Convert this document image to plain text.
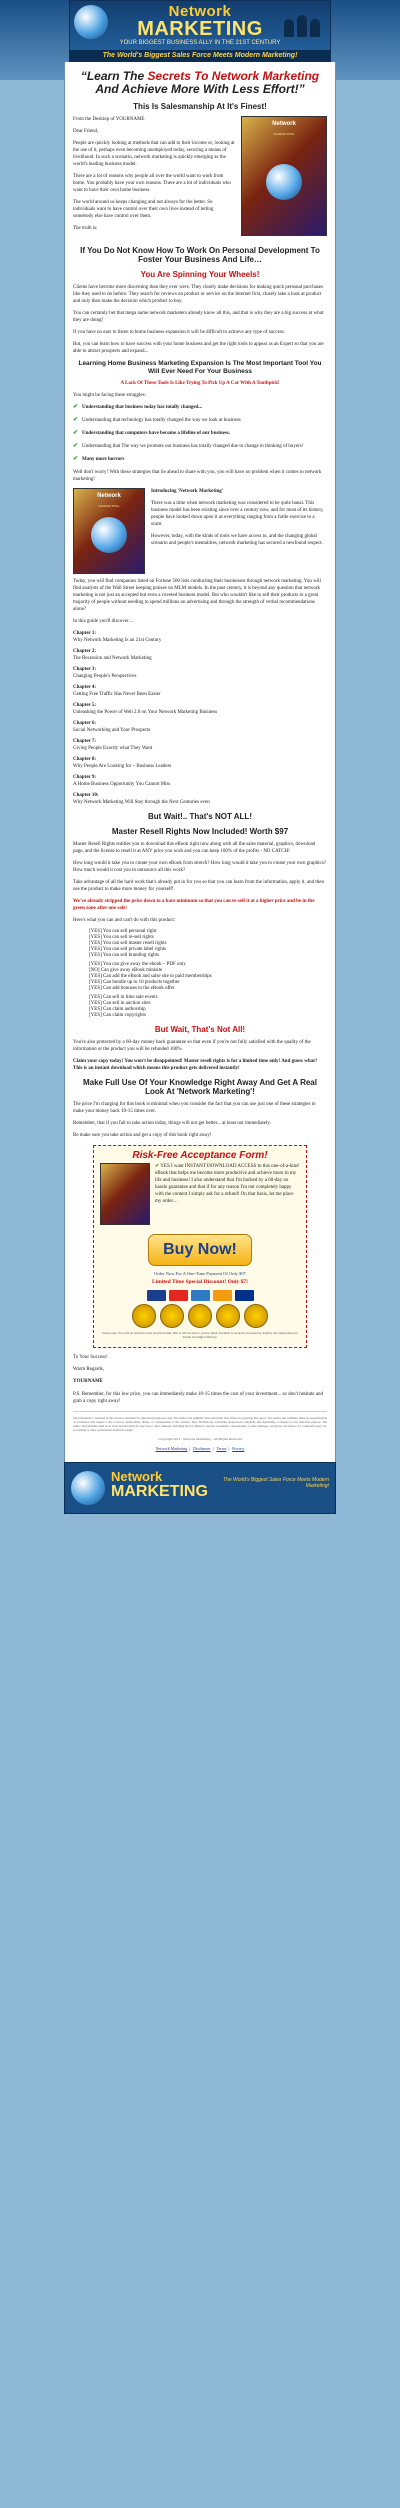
Network
MARKETING
YOUR BIGGEST BUSINESS ALLY IN THE 21ST CENTURY
The World's Biggest Sales Force Meets Modern Marketing!
“Learn The Secrets To Network Marketing And Achieve More With Less Effort!”
This Is Salesmanship At It's Finest!
Network
MARKETING

From the Desktop of YOURNAME

Dear Friend,

People are quickly looking at methods that can add to their income or, looking at the use of it, perhaps even becoming unemployed today, securing a means of livelihood. In such a scenario, network marketing is quickly emerging as the world's leading business model.

There are a lot of reasons why people all over the world want to work from home. You probably have your own reasons. There are a lot of individuals who want to have their own home business.

The world around us keeps changing and not always for the better. So individuals want to have control over their own lives instead of letting somebody else have control over them.

The truth is:

If You Do Not Know How To Work On Personal Development To Foster Your Business And Life…
You Are Spinning Your Wheels!

Clients have become more discerning than they ever were. They clearly make decisions for making quick personal purchases like they used to do before. They search for reviews on product or service on the Internet first, closely take a look at product and only then make the decision which product to buy.

You can certainly bet that mega name network marketers already know all this, and that is why they are a big success at what they are doing!

If you have no ears to listen to home business expansion it will be difficult to achieve any type of success.

But, you can learn how to have success with your home business and get the right tools to appear as an Expert so that you are able to attract prospects and expand...

Learning Home Business Marketing Expansion Is The Most Important Tool You Will Ever Need For Your Business
A Lack Of These Tools Is Like Trying To Pick Up A Car With A Toothpick!

You might be facing these struggles:

✔ Understanding that business today has totally changed...
✔ Understanding that technology has totally changed the way we look at business
✔ Understanding that computers have become a lifeline of our business.
✔ Understanding that The way we promote our business has totally changed due to change in thinking of buyers!
✔ Many more horrors

Well don't worry! With these strategies that lie ahead to share with you, you will have no problem when it comes to network marketing!

Network
MARKETING

Introducing 'Network Marketing'

There was a time when network marketing was considered to be quite banal. This business model has been existing since over a century now, and for most of its history, people have looked down upon it as everything ranging from a futile exercise to a scam.

However, today, with the kinds of tools we have access to, and the changing global scenario and people's mentalities, network marketing has secured a newfound respect.

Today, you will find companies listed on Fortune 500 lists conducting their businesses through network marketing. You will find analysts of the Wall Street keeping praises on MLM models. In the past century, it is beyond any question that network marketing is not just an accepted but even a coveted business model. But who wouldn't like to sell their products to a great majority of people without needing to spend millions on advertising and through the strength of verbal recommendations alone?

In this guide you'll discover…

Chapter 1:
Why Network Marketing Is an 21st Century
Chapter 2:
The Recession and Network Marketing
Chapter 3:
Changing People's Perspectives
Chapter 4:
Getting Free Traffic Has Never Been Easier
Chapter 5:
Unleashing the Power of Web 2.0 on Your Network Marketing Business
Chapter 6:
Social Networking and Your Prospects
Chapter 7:
Giving People Exactly what They Want
Chapter 8:
Why People Are Looking for – Business Leaders
Chapter 9:
A Home Business Opportunity You Cannot Miss
Chapter 10:
Why Network Marketing Will Stay through the Next Centuries even
But Wait!.. That's NOT ALL!
Master Resell Rights Now Included! Worth $97

Master Resell Rights entitles you to download this eBook right now along with all the sales material, graphics, download page, and the license to resell it at ANY price you wish and you can keep 100% of the profits - NO CATCH!

How long would it take you to create your own eBook from stretch? How long would it take you to create your own graphics? How much would it cost you to outsource all this work?

Take advantage of all the hard work that's already put in for you so that you can learn from the information, apply it, and then use the product to make more money for yourself!

We've already stripped the price down to a bare minimum so that you can re-sell it at a higher price and be in the green zone after one sale!

Here's what you can and can't do with this product:

[YES] You can sell personal right
[YES] You can sell re-sell rights
[YES] You can sell master resell rights
[YES] You can sell private label rights
[YES] You can sell branding rights
[YES] You can give away the ebook – PDF only
[NO] Can give away eBook minisite
[YES] Can add the eBook and salse site to paid memberships
[YES] Can bundle up to 10 products together
[YES] Can add bonuses to the eBook offer
[YES] Can sell in time sale events
[YES] Can sell in auction sites
[YES] Can claim authorship
[YES] Can claim copyrights
But Wait, That's Not All!

You're also protected by a 60-day money back guarantee so that even if you're not fully satisfied with the quality of the information or the product you will be refunded 100%.

Claim your copy today! You won't be disappointed! Master resell rights is for a limited time only! And guess what? This is an instant download which means this product gets delivered instantly!

Make Full Use Of Your Knowledge Right Away And Get A Real Look At 'Network Marketing'!

The price I'm charging for this book is minimal when you consider the fact that you can use just one of these strategies to make your money back 10-15 times over.

Remember, that if you fail to take action today, things will not get better... at least not immediately.

Be make sure you take action and get a copy of this book right away!

Risk-Free Acceptance Form!

✔ YES I want INSTANT DOWNLOAD ACCESS to this one-of-a-kind eBook that helps me become more productive and achieve more in my life and business! I also understand that I'm backed by a 60-day no hassle guarantee and that if for any reason I'm not completely happy with the content I simply ask for a refund! On that basis, let me place my order…

Buy Now!
Order Now For A One-Time Payment Of Only $97
Limited Time Special Discount! Only $7!
Please note: You will be redirected and download link. This is will be sent to you by email. Payment is securely processed by PayPal. All transactions are instant and digital delivery.

To Your Success!

Warm Regards,

YOURNAME

P.S. Remember, for this low price, you can immediately make 10-15 times the cost of your investment... so don't hesitate and grab a copy right away!

The information contained in this ebook is intended for educational purposes only. The author and publisher have used their best efforts in preparing this report. The author and publisher make no representation or warranties with respect to the accuracy, applicability, fitness, or completeness of the contents. They disclaim any warranties (expressed or implied), merchantability, or fitness for any particular purpose. The author and publisher shall in no event be held liable for any loss or other damages, including but not limited to special, incidental, consequential, or other damages. As always, the advice of a competent legal, tax, accounting or other professional should be sought.
Copyright 2013 - Network Marketing - All Rights Reserved
Network Marketing | Disclaimer | Terms | Privacy
Network
MARKETING
The World's Biggest Sales Force Meets Modern Marketing!
